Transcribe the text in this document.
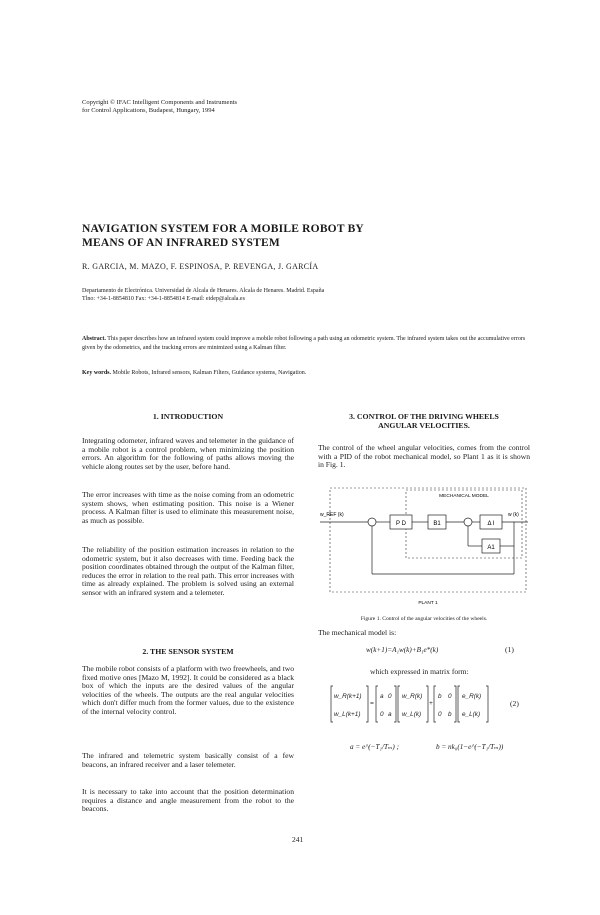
Copyright © IFAC Intelligent Components and Instruments
for Control Applications, Budapest, Hungary, 1994
NAVIGATION SYSTEM FOR A MOBILE ROBOT BY
MEANS OF AN INFRARED SYSTEM
R. GARCIA, M. MAZO, F. ESPINOSA, P. REVENGA, J. GARCÍA
Departamento de Electrónica. Universidad de Alcala de Henares. Alcala de Henares. Madrid. España
Tlno: +34-1-8854810 Fax: +34-1-8854814 E-mail: eidep@alcala.es
Abstract. This paper describes how an infrared system could improve a mobile robot following a path using an odometric system. The infrared system takes out the accumulative errors given by the odometrics, and the tracking errors are minimized using a Kalman filter.
Key words. Mobile Robots, Infrared sensors, Kalman Filters, Guidance systems, Navigation.
1. INTRODUCTION
Integrating odometer, infrared waves and telemeter in the guidance of a mobile robot is a control problem, when minimizing the position errors. An algorithm for the following of paths allows moving the vehicle along routes set by the user, before hand.
The error increases with time as the noise coming from an odometric system shows, when estimating position. This noise is a Wiener process. A Kalman filter is used to eliminate this measurement noise, as much as possible.
The reliability of the position estimation increases in relation to the odometric system, but it also decreases with time. Feeding back the position coordinates obtained through the output of the Kalman filter, reduces the error in relation to the real path. This error increases with time as already explained. The problem is solved using an external sensor with an infrared system and a telemeter.
2. THE SENSOR SYSTEM
The mobile robot consists of a platform with two freewheels, and two fixed motive ones [Mazo M, 1992]. It could be considered as a black box of which the inputs are the desired values of the angular velocities of the wheels. The outputs are the real angular velocities which don't differ much from the former values, due to the existence of the internal velocity control.
The infrared and telemetric system basically consist of a few beacons, an infrared receiver and a laser telemeter.
It is necessary to take into account that the position determination requires a distance and angle measurement from the robot to the beacons.
3. CONTROL OF THE DRIVING WHEELS
ANGULAR VELOCITIES.
The control of the wheel angular velocities, comes from the control with a PID of the robot mechanical model, so Plant 1 as it is shown in Fig. 1.
MECHANICAL MODEL
w_REF (k)
P D	B1	Δ I
w (k)
A1
PLANT 1
Figure 1. Control of the angular velocities of the wheels.
The mechanical model is:
w(k+1)=A₁w(k)+B₁e*(k)	(1)
which expressed in matrix form:
w_R(k+1)
w_L(k+1)
=
a 0
0 a
w_R(k)
w_L(k)
+
b 0
0 b
e_R(k)
e_L(k)
(2)
a = e^(−T₁/Tₘ) ;	b = nk₀(1−e^(−T₁/Tₘ))
241
